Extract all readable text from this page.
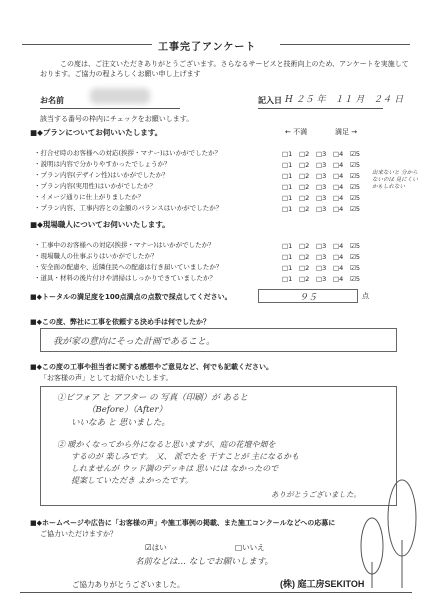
工事完了アンケート
この度は、ご注文いただきありがとうございます。さらなるサービスと技術向上のため、アンケートを実施して
おります。ご協力の程よろしくお願い申し上げます
お名前	記入日 H ２５ 年　１１ 月　２４ 日
該当する番号の枠内にチェックをお願いします。
■◆プランについてお伺いいたします。	← 不満	満足 →
・打合せ時のお客様への対応(挨拶・マナー)はいかがでしたか？	□1 □2 □3 □4 ☑5
・説明は内容で分かりやすかったでしょうか？	□1 □2 □3 □4 ☑5
・プラン内容(デザイン性)はいかがでしたか？	□1 □2 □3 □4 ☑5
・プラン内容(実用性)はいかがでしたか？	□1 □2 □3 □4 ☑5
・イメージ通りに仕上がりましたか？	□1 □2 □3 □4 ☑5
・プラン内容、工事内容との金額のバランスはいかがでしたか？	□1 □2 □3 □4 ☑5
出来ないと 分からないのは 見にくいかもしれない
■◆現場職人についてお伺いいたします。
・工事中のお客様への対応(挨拶・マナー)はいかがでしたか？	□1 □2 □3 □4 ☑5
・現場職人の仕事ぶりはいかがでしたか？	□1 □2 □3 □4 ☑5
・安全面の配慮や、近隣住民への配慮は行き届いていましたか？	□1 □2 □3 □4 ☑5
・道具・材料の後片付けや清掃はしっかりできていましたか？	□1 □2 □3 □4 ☑5
■◆トータルの満足度を100点満点の点数で採点してください。	９５	点
■◆この度、弊社に工事を依頼する決め手は何でしたか？
我が家の意向にそった計画であること。
■◆この度の工事や担当者に関する感想やご意見など、何でも記載ください。
「お客様の声」としてお紹介いたします。
①ビフォア と アフター の 写真（印刷）が あると
（Before）（After）
いいなあ と 思いました。
② 暖かくなってから外になると思いますが、庭の花壇や畑を
するのが 楽しみです。 又、 派でたを 干すことが 主になるかも
しれませんが ウッド調のデッキは 思いには なかったので
提案していただき よかったです。
ありがとうございました。
■◆ホームページや広告に「お客様の声」や施工事例の掲載、また施工コンクールなどへの応募に
ご協力いただけますか？
☑はい	□いいえ
名前などは… なしでお願いします。
ご協力ありがとうございました。	(株) 庭工房SEKITOH
